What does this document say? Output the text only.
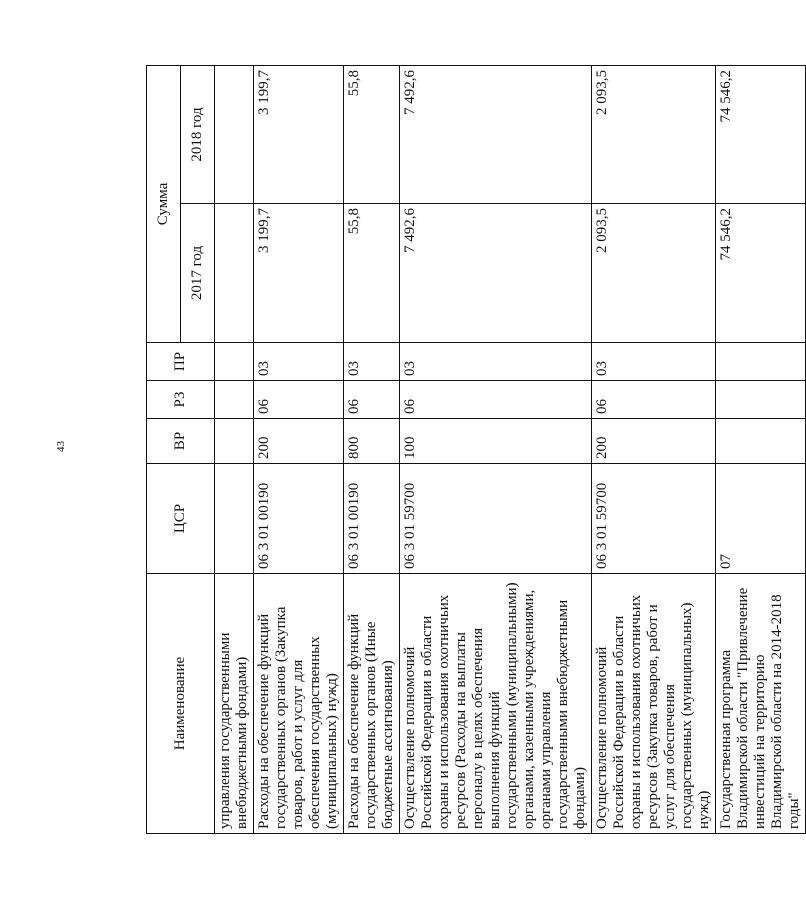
43
Наименование	ЦСР	ВР	РЗ	ПР	Сумма	
					2017 год	2018 год
управления государственными внебюджетными фондами)						
Расходы на обеспечение функций государственных органов (Закупка товаров, работ и услуг для обеспечения государственных (муниципальных) нужд)	06 3 01 00190	200	06	03	3 199,7	3 199,7
Расходы на обеспечение функций государственных органов (Иные бюджетные ассигнования)	06 3 01 00190	800	06	03	55,8	55,8
Осуществление полномочий Российской Федерации в области охраны и использования охотничьих ресурсов (Расходы на выплаты персоналу в целях обеспечения выполнения функций государственными (муниципальными) органами, казенными учреждениями, органами управления государственными внебюджетными фондами)	06 3 01 59700	100	06	03	7 492,6	7 492,6
Осуществление полномочий Российской Федерации в области охраны и использования охотничьих ресурсов (Закупка товаров, работ и услуг для обеспечения государственных (муниципальных) нужд)	06 3 01 59700	200	06	03	2 093,5	2 093,5
Государственная программа Владимирской области "Привлечение инвестиций на территорию Владимирской области на 2014-2018 годы"	07				74 546,2	74 546,2
